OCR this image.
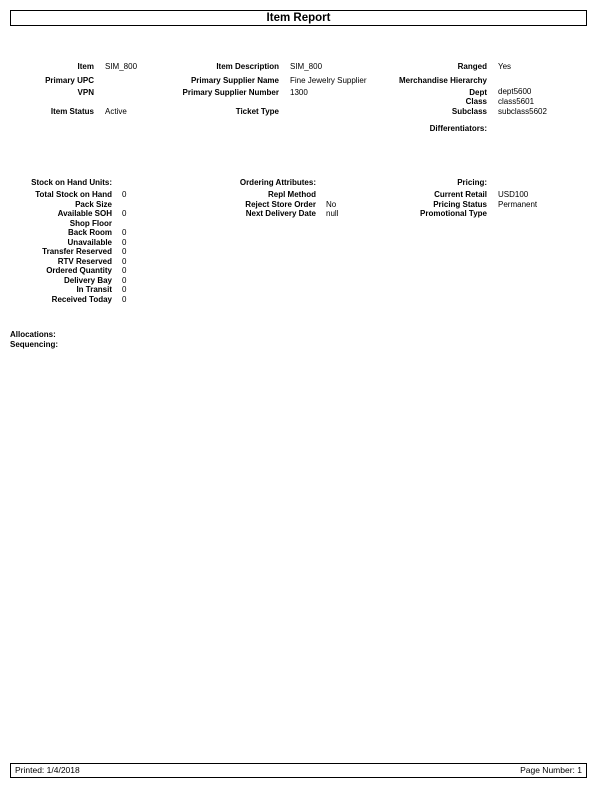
Item Report
Item SIM_800
Primary UPC
VPN
Item Status Active
Item Description SIM_800
Primary Supplier Name Fine Jewelry Supplier
Primary Supplier Number 1300
Ticket Type
Ranged Yes
Merchandise Hierarchy
Dept dept5600
Class class5601
Subclass subclass5602
Differentiators:
Stock on Hand Units:	Ordering Attributes:	Pricing:
Total Stock on Hand 0
Pack Size
Available SOH 0
Shop Floor
Back Room 0
Unavailable 0
Transfer Reserved 0
RTV Reserved 0
Ordered Quantity 0
Delivery Bay 0
In Transit 0
Received Today 0
Repl Method
Reject Store Order No
Next Delivery Date null
Current Retail USD100
Pricing Status Permanent
Promotional Type
Allocations:
Sequencing:
Printed: 1/4/2018	Page Number: 1
